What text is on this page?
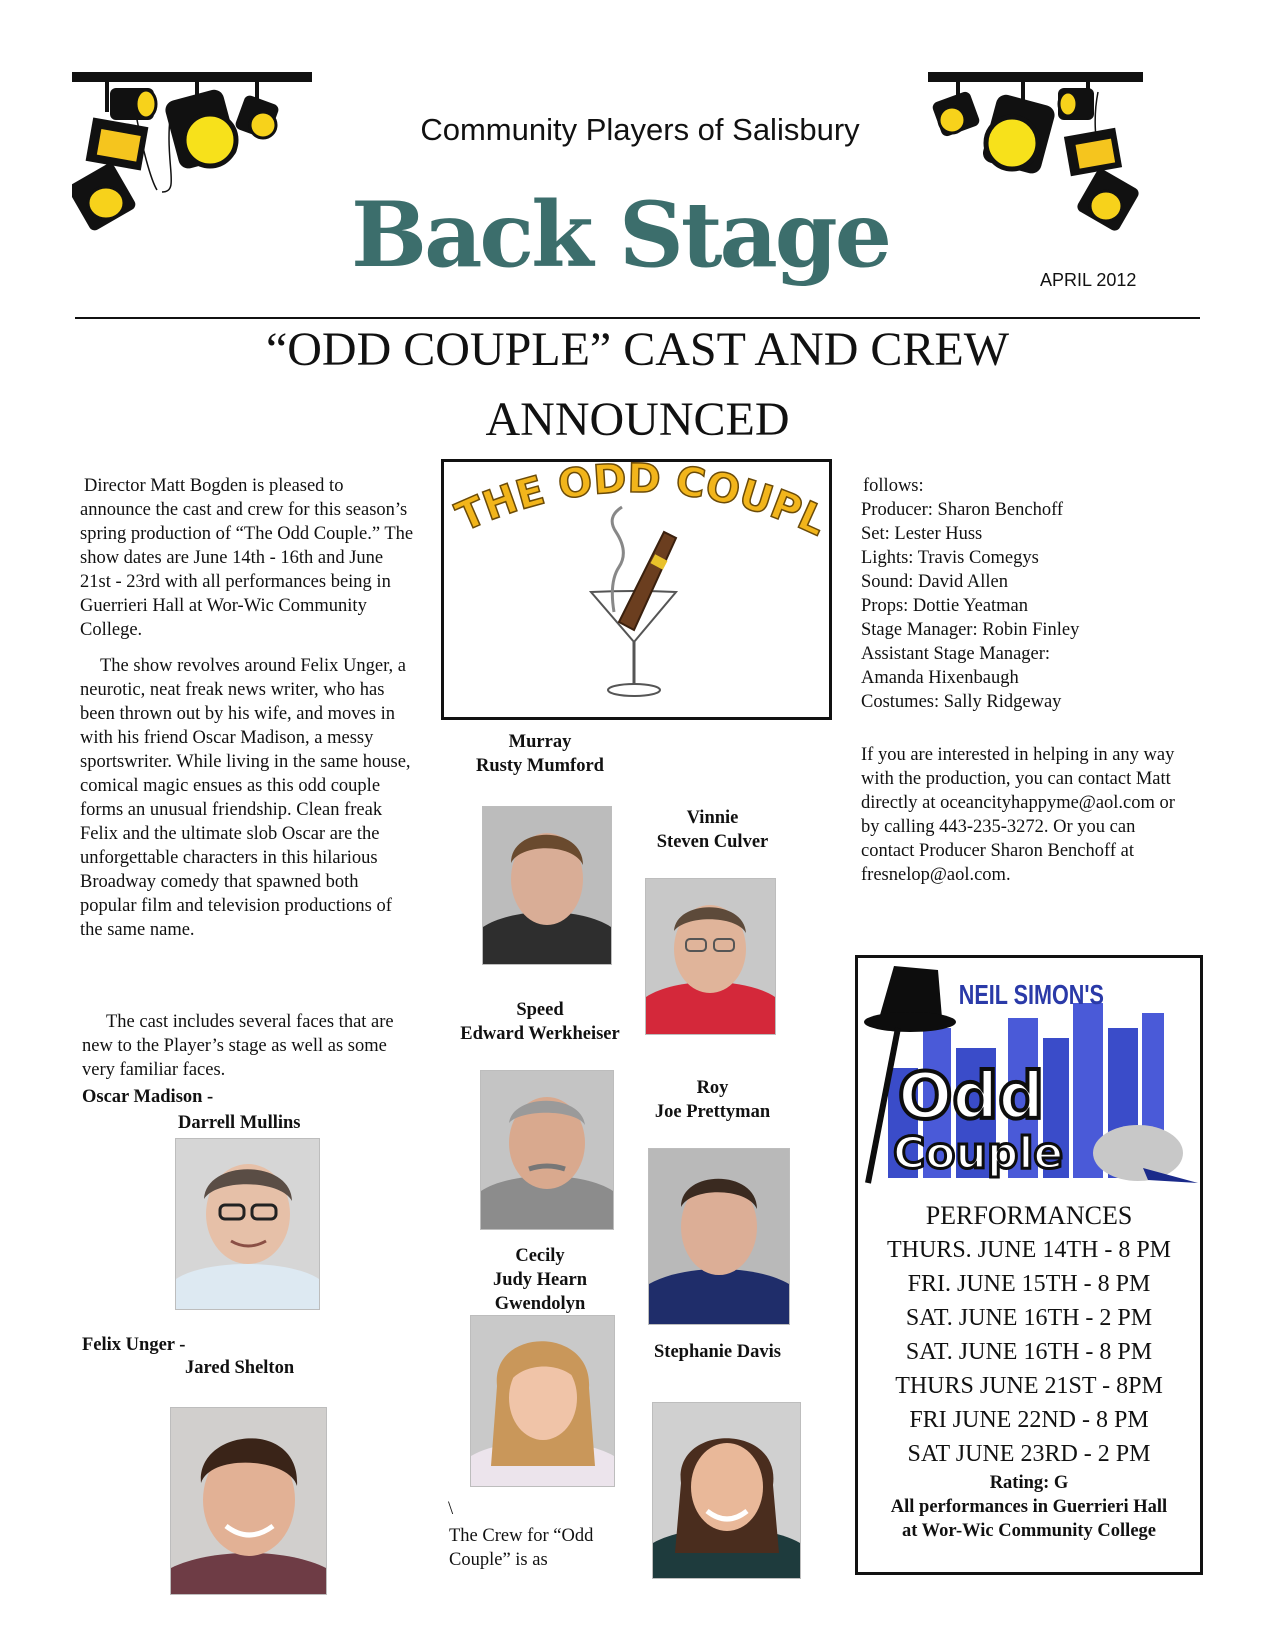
Community Players of Salisbury
Back Stage	APRIL 2012
“ODD COUPLE” CAST AND CREW
ANNOUNCED

Director Matt Bogden is pleased to announce the cast and crew for this season’s spring production of “The Odd Couple.” The show dates are June 14th - 16th and June 21st - 23rd with all performances being in Guerrieri Hall at Wor-Wic Community College.

The show revolves around Felix Unger, a neurotic, neat freak news writer, who has been thrown out by his wife, and moves in with his friend Oscar Madison, a messy sportswriter. While living in the same house, comical magic ensues as this odd couple forms an unusual friendship. Clean freak Felix and the ultimate slob Oscar are the unforgettable characters in this hilarious Broadway comedy that spawned both popular film and television productions of the same name.

The cast includes several faces that are new to the Player’s stage as well as some very familiar faces.
Oscar Madison -
Darrell Mullins
Felix Unger -
Jared Shelton
THE ODD COUPL
Murray
Rusty Mumford
Vinnie
Steven Culver
Speed
Edward Werkheiser
Roy
Joe Prettyman
Cecily
Judy Hearn
Gwendolyn
Stephanie Davis
\
The Crew for “Odd Couple” is as
follows:
Producer: Sharon Benchoff
Set: Lester Huss
Lights: Travis Comegys
Sound: David Allen
Props: Dottie Yeatman
Stage Manager: Robin Finley
Assistant Stage Manager:
Amanda Hixenbaugh
Costumes: Sally Ridgeway
If you are interested in helping in any way with the production, you can contact Matt directly at oceancityhappyme@aol.com or by calling 443-235-3272. Or you can contact Producer Sharon Benchoff at fresnelop@aol.com.
NEIL SIMON'S
Odd
Couple
PERFORMANCES
THURS. JUNE 14TH - 8 PM
FRI. JUNE 15TH - 8 PM
SAT. JUNE 16TH - 2 PM
SAT. JUNE 16TH - 8 PM
THURS JUNE 21ST - 8PM
FRI JUNE 22ND - 8 PM
SAT JUNE 23RD - 2 PM
Rating: G
All performances in Guerrieri Hall
at Wor-Wic Community College
